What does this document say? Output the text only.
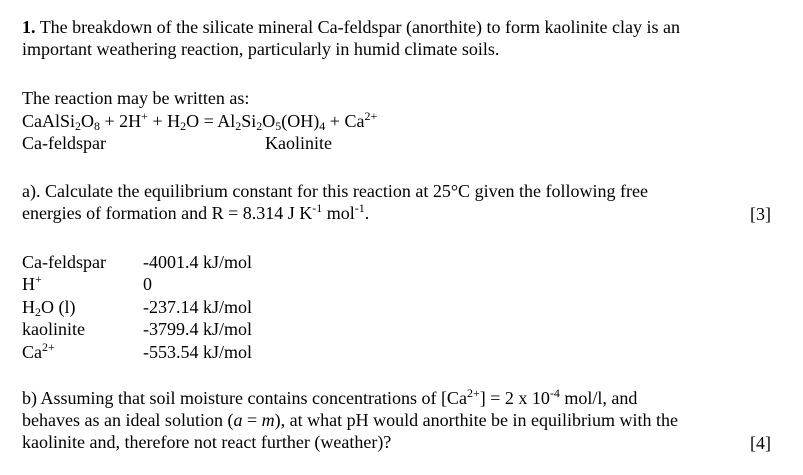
1. The breakdown of the silicate mineral Ca-feldspar (anorthite) to form kaolinite clay is an
important weathering reaction, particularly in humid climate soils.
The reaction may be written as:
$CaAlSi_2O_8 + 2H^+ + H_2O = Al_2Si_2O_5(OH)_4 + Ca^{2+}$
Ca-feldspar	Kaolinite
a). Calculate the equilibrium constant for this reaction at 25°C given the following free
energies of formation and R = 8.314 J $K^{-1}$ mol$^{-1}$.	[3]
Ca-feldspar -4001.4 kJ/mol
H+	0
$H_2O$ (l)	-237.14 kJ/mol
kaolinite	-3799.4 kJ/mol
$Ca^{2+}$	-553.54 kJ/mol
b) Assuming that soil moisture contains concentrations of $[Ca^{2+}] = 2$ x $10^{-4}$ mol/l, and
behaves as an ideal solution (a = m), at what pH would anorthite be in equilibrium with the
kaolinite and, therefore not react further (weather)?	[4]
